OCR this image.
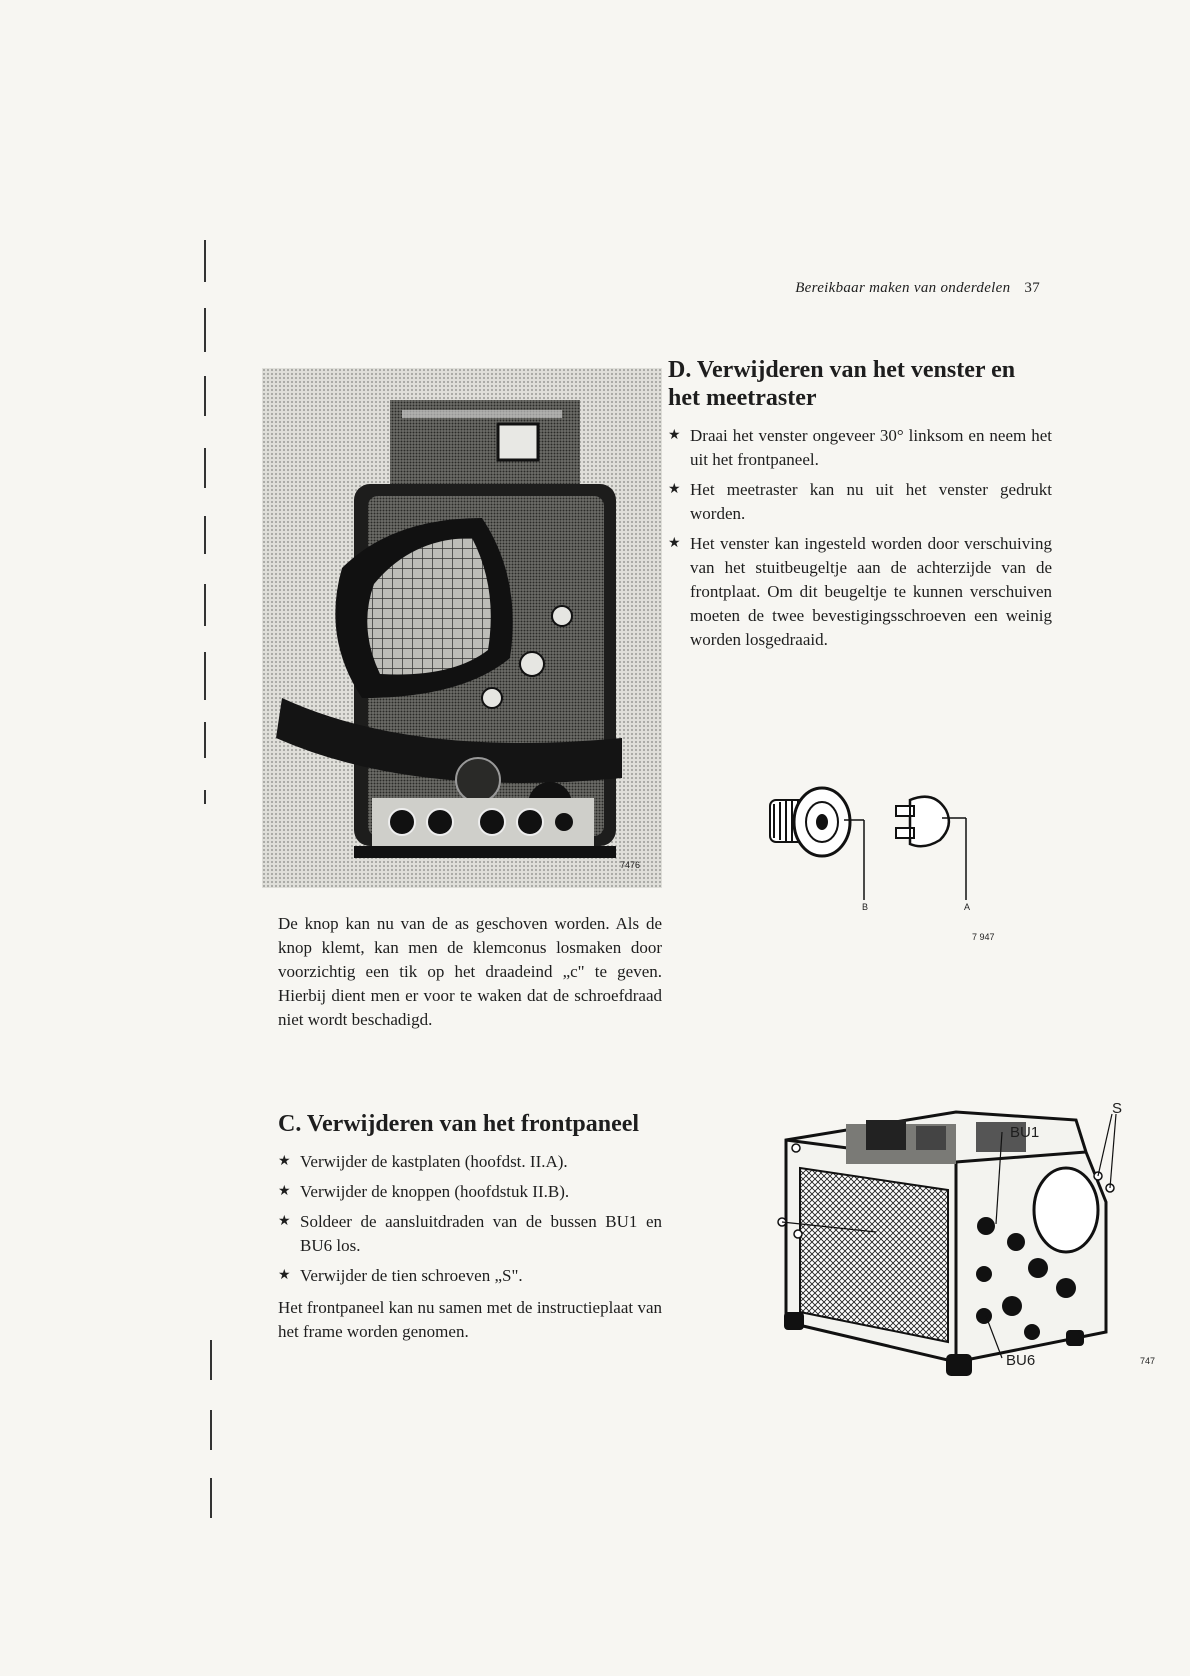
Bereikbaar maken van onderdelen 37
D. Verwijderen van het venster en het meetraster
★ Draai het venster ongeveer 30° linksom en neem het uit het frontpaneel.
★ Het meetraster kan nu uit het venster gedrukt worden.
★ Het venster kan ingesteld worden door verschuiving van het stuitbeugeltje aan de achterzijde van de frontplaat. Om dit beugeltje te kunnen verschuiven moeten de twee bevestigingsschroeven een weinig worden losgedraaid.
7476
B	A
7 947

De knop kan nu van de as geschoven worden. Als de knop klemt, kan men de klemconus losmaken door voorzichtig een tik op het draadeind „c" te geven. Hierbij dient men er voor te waken dat de schroefdraad niet wordt beschadigd.

C. Verwijderen van het frontpaneel
★ Verwijder de kastplaten (hoofdst. II.A).
★ Verwijder de knoppen (hoofdstuk II.B).
★ Soldeer de aansluitdraden van de bussen BU1 en BU6 los.
★ Verwijder de tien schroeven „S".

Het frontpaneel kan nu samen met de instructieplaat van het frame worden genomen.

BU1
S
BU6	747
